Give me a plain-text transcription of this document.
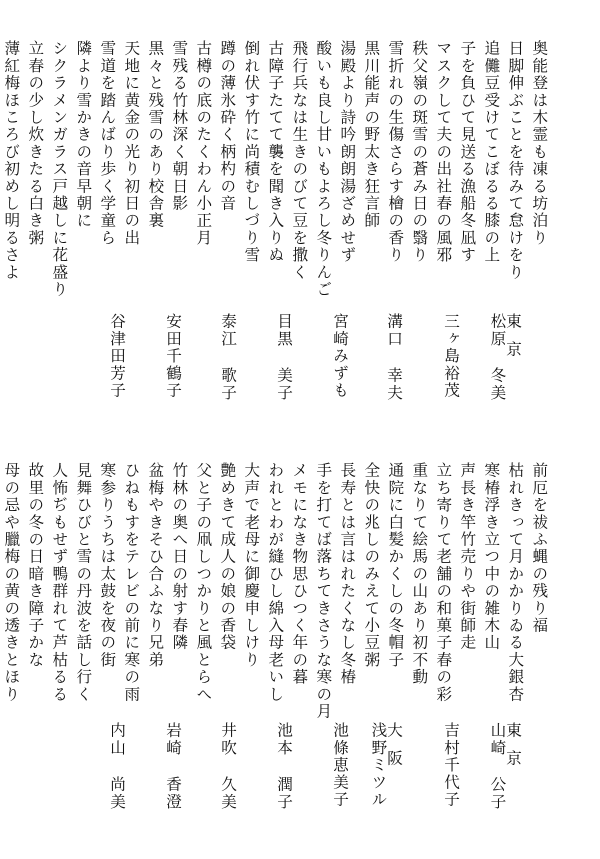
奥能登は木霊も凍る坊泊り
日脚伸ぶことを待みて怠けをり
追儺豆受けてこぼるる膝の上
子を負ひて見送る漁船冬凪す
マスクして夫の出社春の風邪
秩父嶺の斑雪の蒼み日の翳り
雪折れの生傷さらす檜の香り
黒川能声の野太き狂言師
湯殿より詩吟朗朗湯ざめせず
酸いも良し甘いもよろし冬りんご
飛行兵なは生きのびて豆を撒く
古障子たてて襲を聞き入りぬ
倒れ伏す竹に尚積むしづり雪
蹲の薄氷砕く柄杓の音
古樽の底のたくわん小正月
雪残る竹林深く朝日影
黒々と残雪のあり校舎裏
天地に黄金の光り初日の出
雪道を踏んばり歩く学童ら
隣より雪かきの音早朝に
シクラメンガラス戸越しに花盛り
立春の少し炊きたる白き粥
薄紅梅ほころび初めし明るさよ
東京
松原 冬美
三ヶ島裕茂
溝口 幸夫
宮崎みずも
目黒 美子
泰江 歌子
安田千鶴子
谷津田芳子
前厄を祓ふ蝿の残り福
枯れきって月かかりゐる大銀杏
寒椿浮き立つ中の雑木山
声長き竿竹売りや街師走
立ち寄りて老舗の和菓子春の彩
重なりて絵馬の山あり初不動
通院に白髪かくしの冬帽子
全快の兆しのみえて小豆粥
長寿とは言はれたくなし冬椿
手を打てば落ちてきさうな寒の月
メモになき物思ひつく年の暮
われとわが縫ひし綿入母老いし
大声で老母に御慶申しけり
艶めきて成人の娘の香袋
父と子の凧しつかりと風とらへ
竹林の奥へ日の射す春隣
盆梅やきそひ合ふなり兄弟
ひねもすをテレビの前に寒の雨
寒参りうちは太鼓を夜の街
見舞ひびと雪の丹波を話し行く
人怖ぢもせず鴨群れて芦枯るる
故里の冬の日暗き障子かな
母の忌や臘梅の黄の透きとほり
東京
山崎 公子
吉村千代子
大阪
浅野ミツル
池條恵美子
池本 潤子
井吹 久美
岩崎 香澄
内山 尚美
